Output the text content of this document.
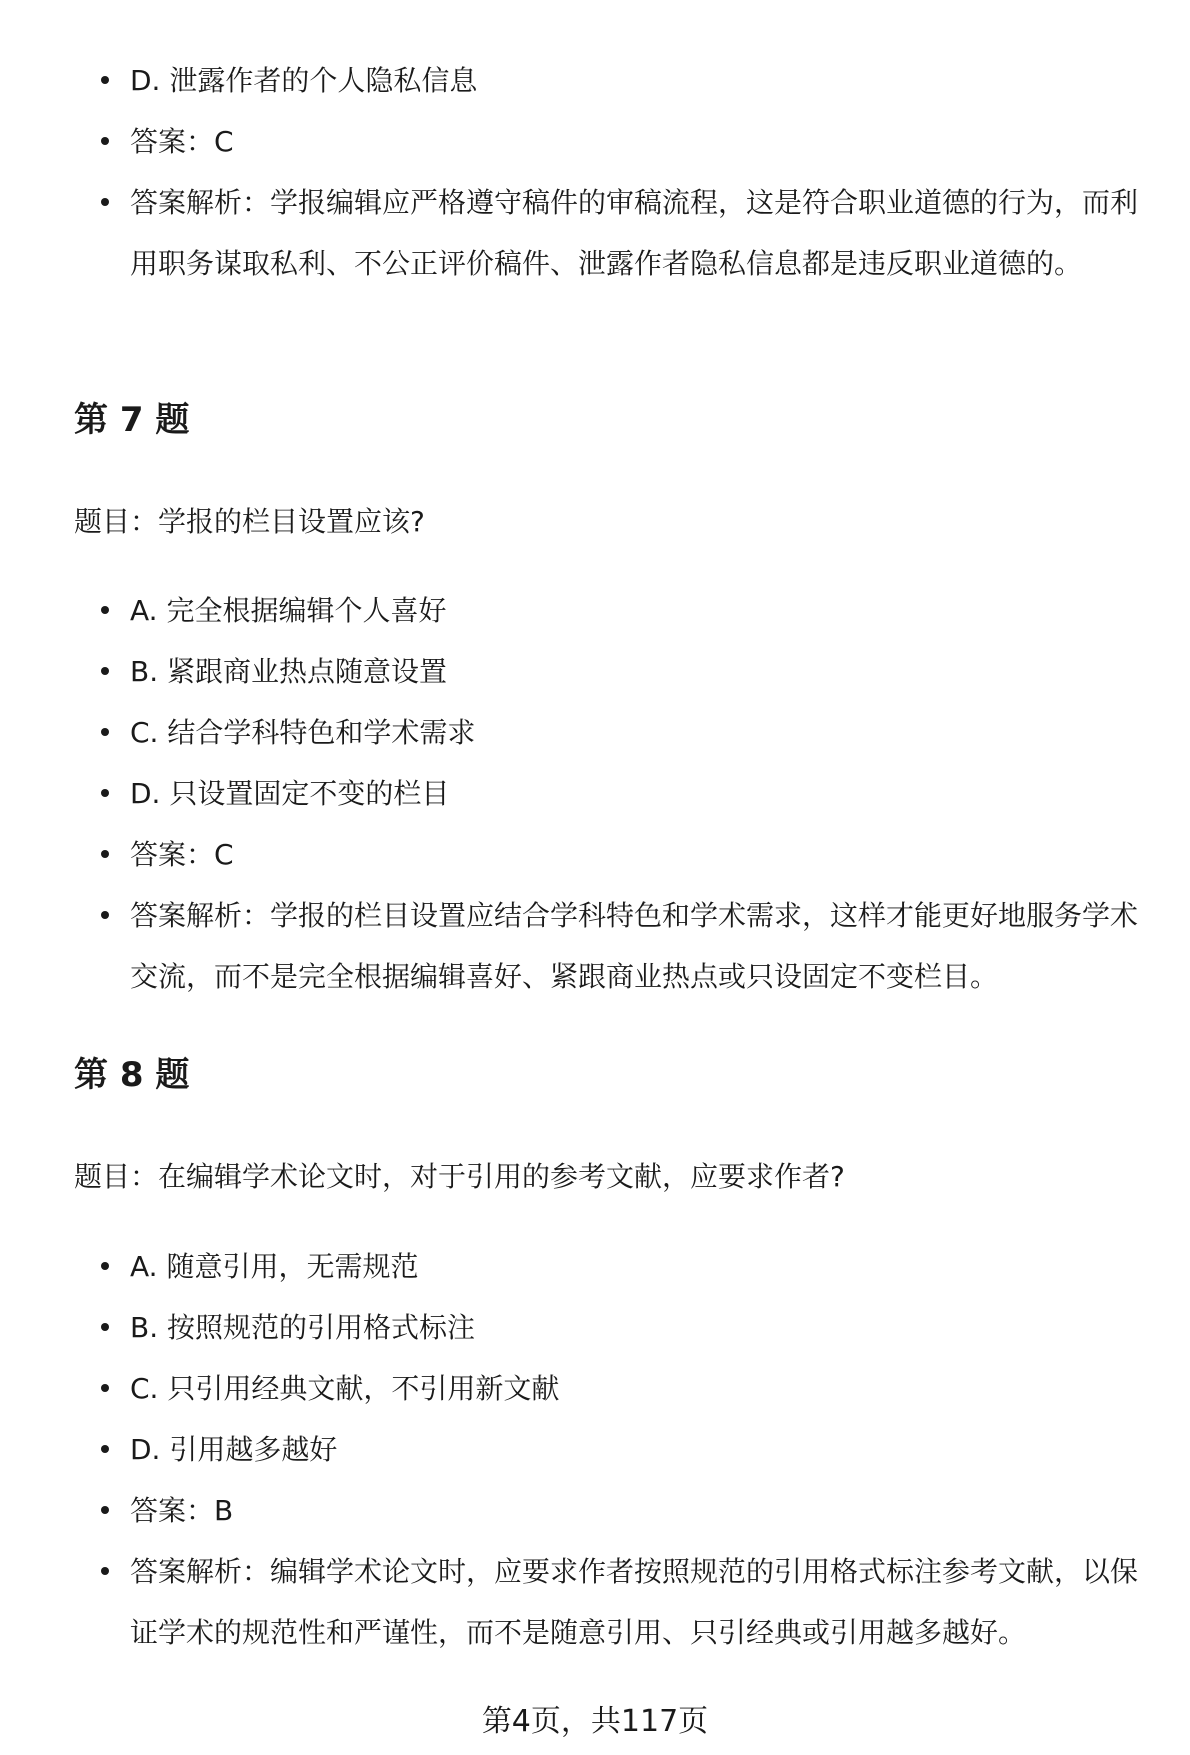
D. 泄露作者的个人隐私信息
答案：C
答案解析：学报编辑应严格遵守稿件的审稿流程，这是符合职业道德的行为，而利用职务谋取私利、不公正评价稿件、泄露作者隐私信息都是违反职业道德的。
第 7 题

题目：学报的栏目设置应该?

A. 完全根据编辑个人喜好
B. 紧跟商业热点随意设置
C. 结合学科特色和学术需求
D. 只设置固定不变的栏目
答案：C
答案解析：学报的栏目设置应结合学科特色和学术需求，这样才能更好地服务学术交流，而不是完全根据编辑喜好、紧跟商业热点或只设固定不变栏目。
第 8 题

题目：在编辑学术论文时，对于引用的参考文献，应要求作者?

A. 随意引用，无需规范
B. 按照规范的引用格式标注
C. 只引用经典文献，不引用新文献
D. 引用越多越好
答案：B
答案解析：编辑学术论文时，应要求作者按照规范的引用格式标注参考文献，以保证学术的规范性和严谨性，而不是随意引用、只引经典或引用越多越好。

第4页，共117页
